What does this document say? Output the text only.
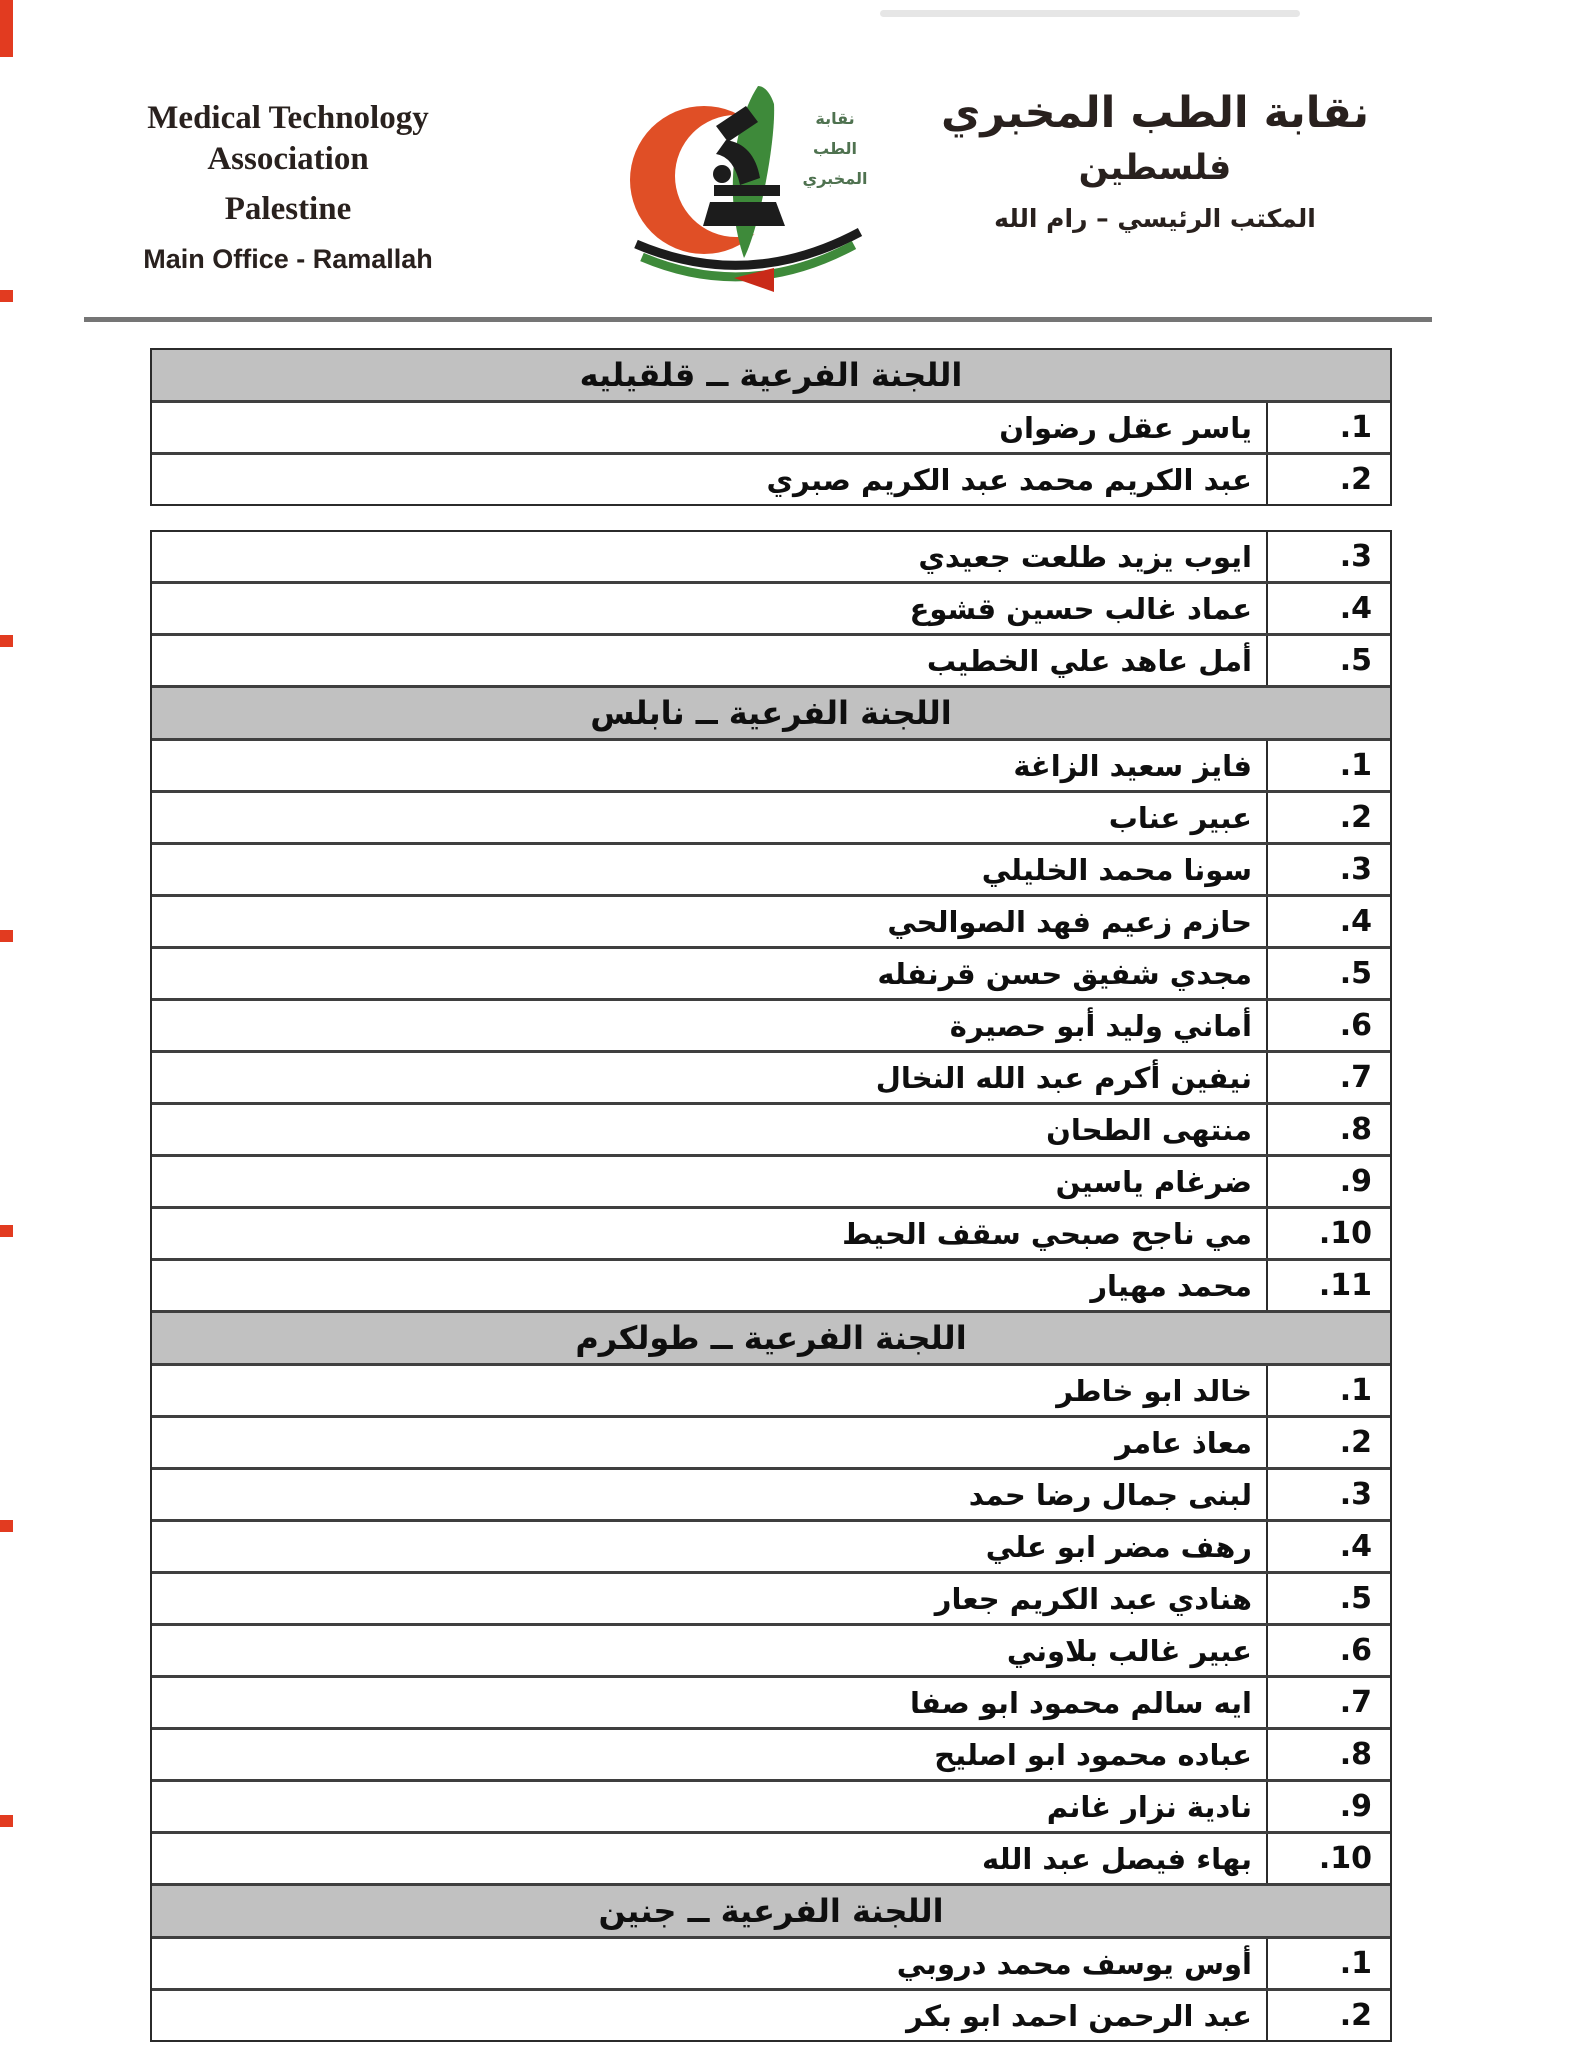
Medical Technology Association
Palestine
Main Office - Ramallah
نقابة
الطب
المخبري
نقابة الطب المخبري
فلسطين
المكتب الرئيسي – رام الله
اللجنة الفرعية ــ قلقيليه
ياسر عقل رضوان	1.
عبد الكريم محمد عبد الكريم صبري	2.
ايوب يزيد طلعت جعيدي	3.
عماد غالب حسين قشوع	4.
أمل عاهد علي الخطيب	5.
اللجنة الفرعية ــ نابلس
فايز سعيد الزاغة	1.
عبير عناب	2.
سونا محمد الخليلي	3.
حازم زعيم فهد الصوالحي	4.
مجدي شفيق حسن قرنفله	5.
أماني وليد أبو حصيرة	6.
نيفين أكرم عبد الله النخال	7.
منتهى الطحان	8.
ضرغام ياسين	9.
مي ناجح صبحي سقف الحيط	10.
محمد مهيار	11.
اللجنة الفرعية ــ طولكرم
خالد ابو خاطر	1.
معاذ عامر	2.
لبنى جمال رضا حمد	3.
رهف مضر ابو علي	4.
هنادي عبد الكريم جعار	5.
عبير غالب بلاوني	6.
ايه سالم محمود ابو صفا	7.
عباده محمود ابو اصليح	8.
نادية نزار غانم	9.
بهاء فيصل عبد الله	10.
اللجنة الفرعية ــ جنين
أوس يوسف محمد دروبي	1.
عبد الرحمن احمد ابو بكر	2.
